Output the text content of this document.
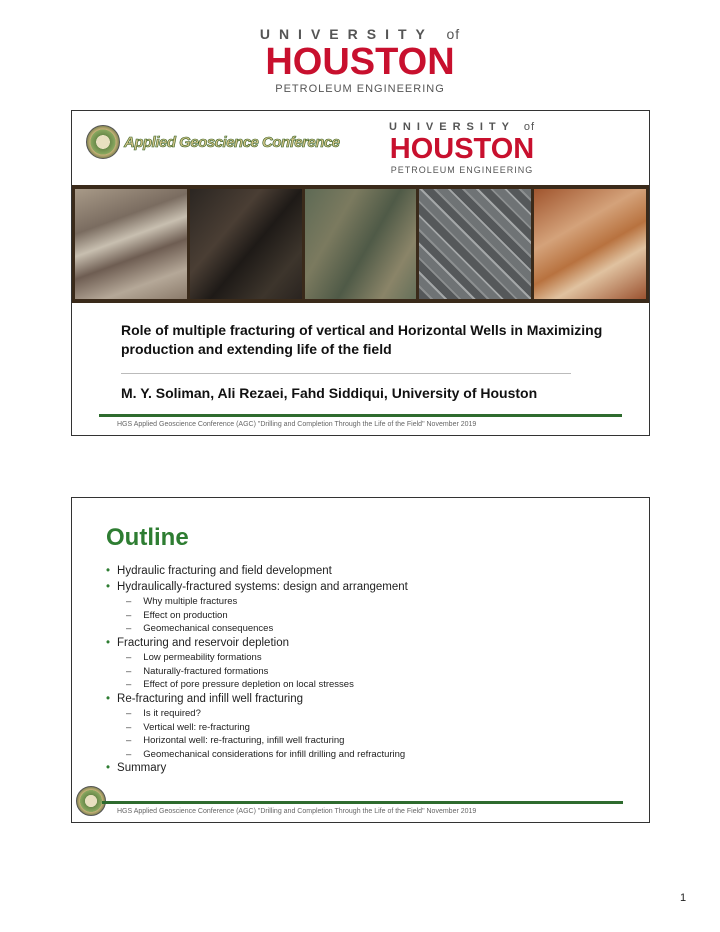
UNIVERSITY of
HOUSTON
PETROLEUM ENGINEERING
Applied Geoscience Conference
UNIVERSITY of
HOUSTON
PETROLEUM ENGINEERING
Role of multiple fracturing of vertical and Horizontal Wells in Maximizing production and extending life of the field
M. Y. Soliman, Ali Rezaei, Fahd Siddiqui, University of Houston
HGS Applied Geoscience Conference (AGC) "Drilling and Completion Through the Life of the Field" November 2019
Outline
• Hydraulic fracturing and field development
• Hydraulically-fractured systems: design and arrangement
– Why multiple fractures
– Effect on production
– Geomechanical consequences
• Fracturing and reservoir depletion
– Low permeability formations
– Naturally-fractured formations
– Effect of pore pressure depletion on local stresses
• Re-fracturing and infill well fracturing
– Is it required?
– Vertical well: re-fracturing
– Horizontal well: re-fracturing, infill well fracturing
– Geomechanical considerations for infill drilling and refracturing
• Summary
HGS Applied Geoscience Conference (AGC) "Drilling and Completion Through the Life of the Field" November 2019
1
